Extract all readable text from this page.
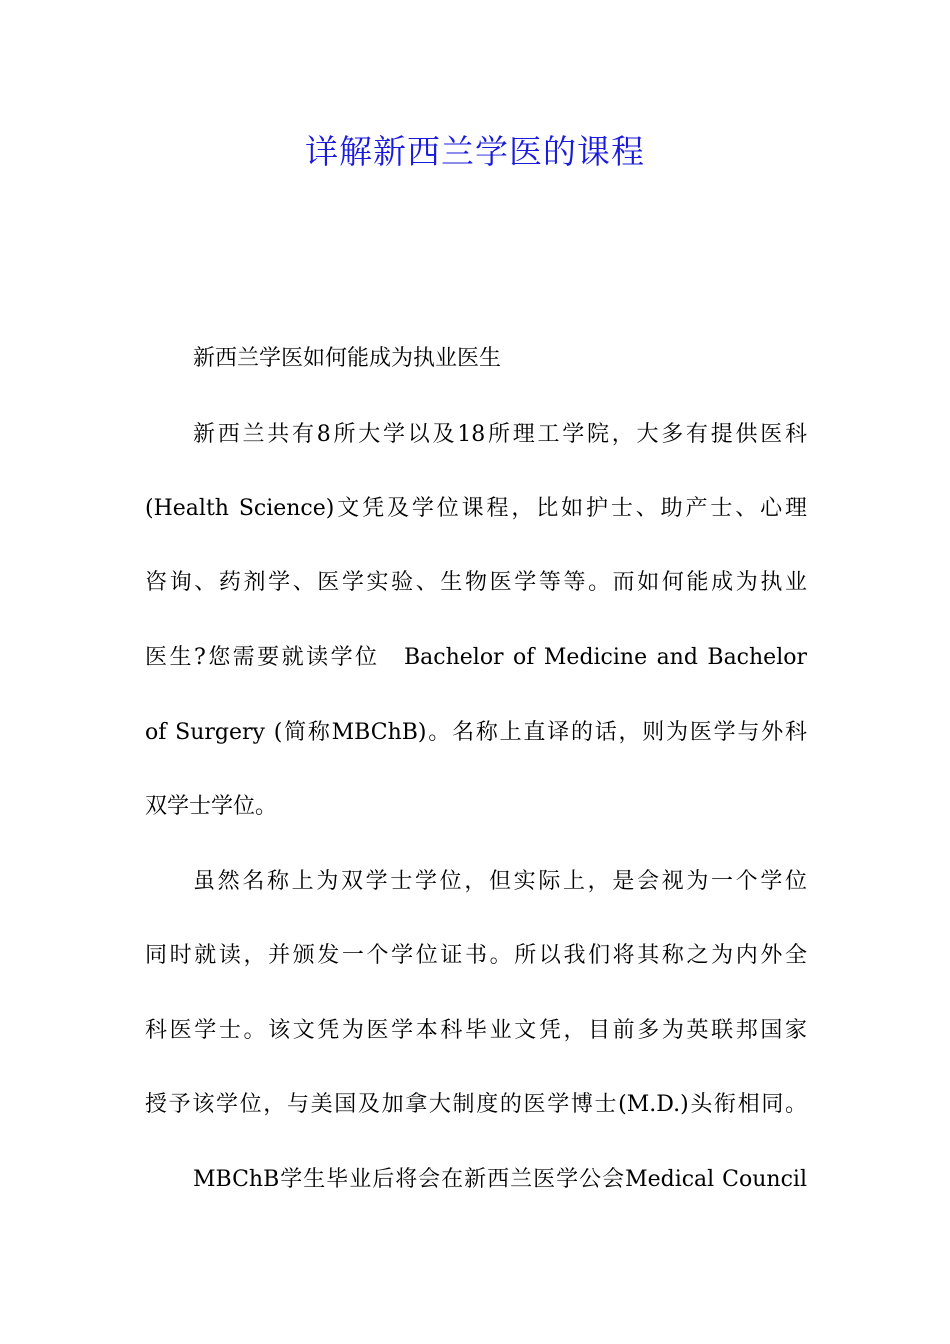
详解新西兰学医的课程

新西兰学医如何能成为执业医生

新西兰共有8所大学以及18所理工学院，大多有提供医科

(Health Science)文凭及学位课程，比如护士、助产士、心理

咨询、药剂学、医学实验、生物医学等等。而如何能成为执业

医生?您需要就读学位　Bachelor of Medicine and Bachelor

of Surgery (简称MBChB)。名称上直译的话，则为医学与外科

双学士学位。

虽然名称上为双学士学位，但实际上，是会视为一个学位

同时就读，并颁发一个学位证书。所以我们将其称之为内外全

科医学士。该文凭为医学本科毕业文凭，目前多为英联邦国家

授予该学位，与美国及加拿大制度的医学博士(M.D.)头衔相同。

MBChB学生毕业后将会在新西兰医学公会Medical Council
